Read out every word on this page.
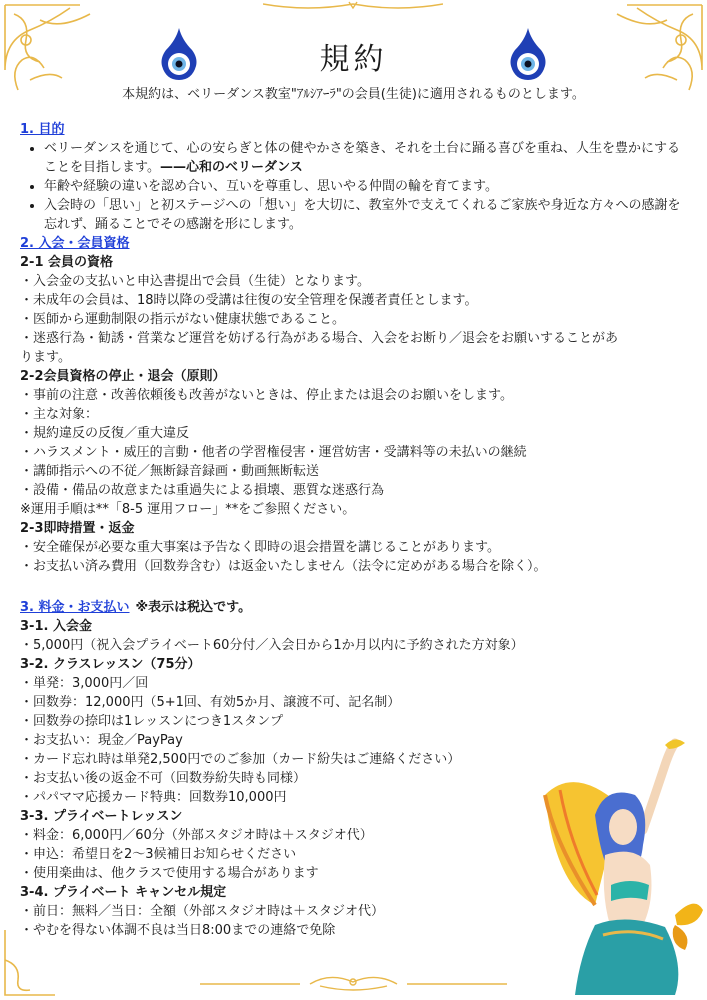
規約
本規約は、ベリーダンス教室"ｱﾙｼｱｰﾗ"の会員(生徒)に適用されるものとします。
1. 目的
• ベリーダンスを通じて、心の安らぎと体の健やかさを築き、それを土台に踊る喜びを重ね、人生を豊かにすることを目指します。——心和のベリーダンス
• 年齢や経験の違いを認め合い、互いを尊重し、思いやる仲間の輪を育てます。
• 入会時の「思い」と初ステージへの「想い」を大切に、教室外で支えてくれるご家族や身近な方々への感謝を忘れず、踊ることでその感謝を形にします。
2. 入会・会員資格
2-1 会員の資格
・入会金の支払いと申込書提出で会員（生徒）となります。
・未成年の会員は、18時以降の受講は往復の安全管理を保護者責任とします。
・医師から運動制限の指示がない健康状態であること。
・迷惑行為・勧誘・営業など運営を妨げる行為がある場合、入会をお断り／退会をお願いすることがあ
ります。
2-2会員資格の停止・退会（原則）
・事前の注意・改善依頼後も改善がないときは、停止または退会のお願いをします。
・主な対象：
・規約違反の反復／重大違反
・ハラスメント・威圧的言動・他者の学習権侵害・運営妨害・受講料等の未払いの継続
・講師指示への不従／無断録音録画・動画無断転送
・設備・備品の故意または重過失による損壊、悪質な迷惑行為
※運用手順は**「8-5 運用フロー」**をご参照ください。
2-3即時措置・返金
・安全確保が必要な重大事案は予告なく即時の退会措置を講じることがあります。
・お支払い済み費用（回数券含む）は返金いたしません（法令に定めがある場合を除く）。
3. 料金・お支払い ※表示は税込です。
3-1. 入会金
・5,000円（祝入会プライベート60分付／入会日から1か月以内に予約された方対象）
3-2. クラスレッスン（75分）
・単発：3,000円／回
・回数券：12,000円（5+1回、有効5か月、譲渡不可、記名制）
・回数券の捺印は1レッスンにつき1スタンプ
・お支払い：現金／PayPay
・カード忘れ時は単発2,500円でのご参加（カード紛失はご連絡ください）
・お支払い後の返金不可（回数券紛失時も同様）
・パパママ応援カード特典：回数券10,000円
3-3. プライベートレッスン
・料金：6,000円／60分（外部スタジオ時は＋スタジオ代）
・申込：希望日を2〜3候補日お知らせください
・使用楽曲は、他クラスで使用する場合があります
3-4. プライベート キャンセル規定
・前日：無料／当日：全額（外部スタジオ時は＋スタジオ代）
・やむを得ない体調不良は当日8:00までの連絡で免除
